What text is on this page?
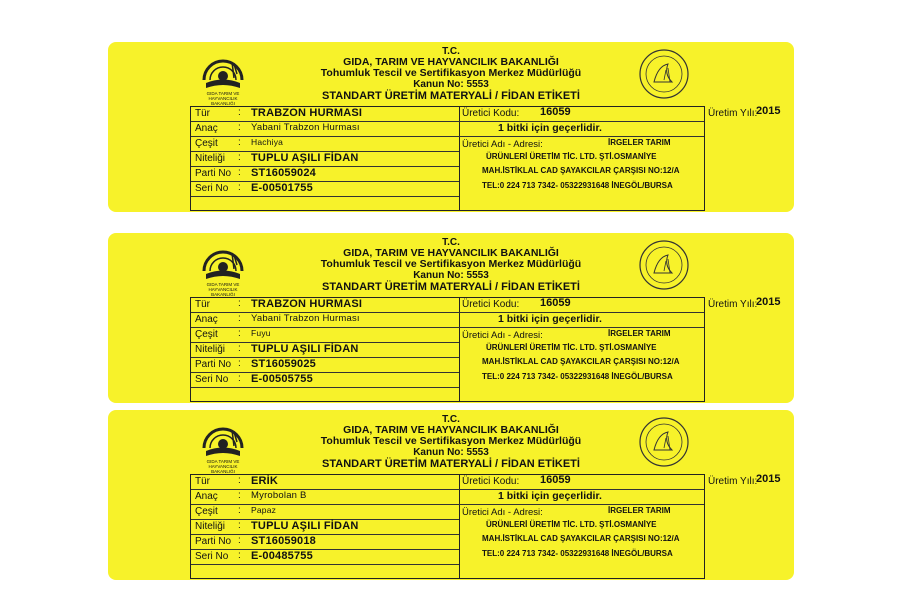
GIDA TARIM VE HAYVANCILIK BAKANLIĞI
T.C.
GIDA, TARIM VE HAYVANCILIK BAKANLIĞI
Tohumluk Tescil ve Sertifikasyon Merkez Müdürlüğü
Kanun No: 5553
STANDART ÜRETİM MATERYALİ / FİDAN ETİKETİ
Tür	: TRABZON HURMASI
Anaç : Yabani Trabzon Hurması
Çeşit : Hachiya
Niteliği : TUPLU AŞILI FİDAN
Parti No : ST16059024
Seri No : E-00501755
Üretici Kodu: 16059
1 bitki için geçerlidir.
Üretici Adı - Adresi:	İRGELER TARIM
ÜRÜNLERİ ÜRETİM TİC. LTD. ŞTİ.OSMANİYE
MAH.İSTİKLAL CAD ŞAYAKCILAR ÇARŞISI NO:12/A
TEL:0 224 713 7342- 05322931648 İNEGÖL/BURSA
Üretim Yılı:
2015
GIDA TARIM VE HAYVANCILIK BAKANLIĞI
T.C.
GIDA, TARIM VE HAYVANCILIK BAKANLIĞI
Tohumluk Tescil ve Sertifikasyon Merkez Müdürlüğü
Kanun No: 5553
STANDART ÜRETİM MATERYALİ / FİDAN ETİKETİ
Tür	: TRABZON HURMASI
Anaç : Yabani Trabzon Hurması
Çeşit : Fuyu
Niteliği : TUPLU AŞILI FİDAN
Parti No : ST16059025
Seri No : E-00505755
Üretici Kodu: 16059
1 bitki için geçerlidir.
Üretici Adı - Adresi:	İRGELER TARIM
ÜRÜNLERİ ÜRETİM TİC. LTD. ŞTİ.OSMANİYE
MAH.İSTİKLAL CAD ŞAYAKCILAR ÇARŞISI NO:12/A
TEL:0 224 713 7342- 05322931648 İNEGÖL/BURSA
Üretim Yılı:
2015
GIDA TARIM VE HAYVANCILIK BAKANLIĞI
T.C.
GIDA, TARIM VE HAYVANCILIK BAKANLIĞI
Tohumluk Tescil ve Sertifikasyon Merkez Müdürlüğü
Kanun No: 5553
STANDART ÜRETİM MATERYALİ / FİDAN ETİKETİ
Tür	: ERİK
Anaç : Myrobolan B
Çeşit : Papaz
Niteliği : TUPLU AŞILI FİDAN
Parti No : ST16059018
Seri No : E-00485755
Üretici Kodu: 16059
1 bitki için geçerlidir.
Üretici Adı - Adresi:	İRGELER TARIM
ÜRÜNLERİ ÜRETİM TİC. LTD. ŞTİ.OSMANİYE
MAH.İSTİKLAL CAD ŞAYAKCILAR ÇARŞISI NO:12/A
TEL:0 224 713 7342- 05322931648 İNEGÖL/BURSA
Üretim Yılı:
2015
